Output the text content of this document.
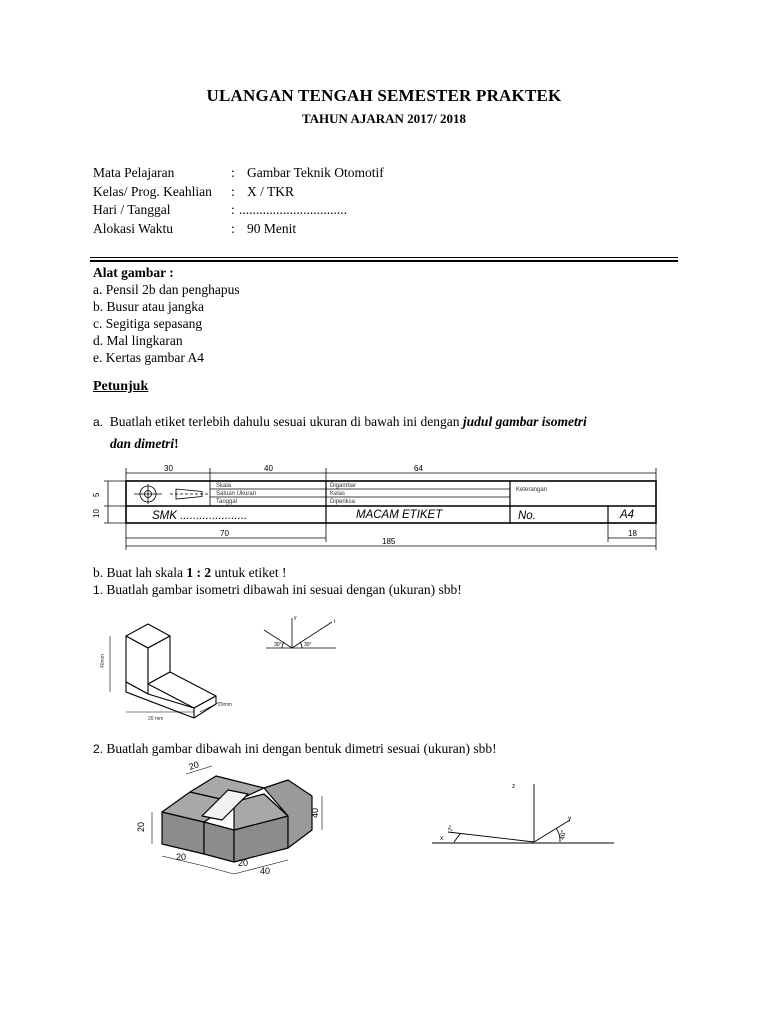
ULANGAN TENGAH SEMESTER PRAKTEK
TAHUN AJARAN 2017/ 2018
Mata Pelajaran	: Gambar Teknik Otomotif
Kelas/ Prog. Keahlian	: X / TKR
Hari / Tanggal	: ................................
Alokasi Waktu	: 90 Menit
Alat gambar :
a. Pensil 2b dan penghapus
b. Busur atau jangka
c. Segitiga sepasang
d. Mal lingkaran
e. Kertas gambar A4
Petunjuk
a. Buatlah etiket terlebih dahulu sesuai ukuran di bawah ini dengan judul gambar isometri
dan dimetri!
30	40	64
5
10
70
185
18
Skala
Satuan Ukuran
Tanggal
Digambar
Kelas
Diperiksa
Keterangan
SMK .....................	MACAM ETIKET	No.	A4
b. Buat lah skala 1 : 2 untuk etiket !
1. Buatlah gambar isometri dibawah ini sesuai dengan (ukuran) sbb!
40mm
20 mm
20mm
y
t
30°	30°
2. Buatlah gambar dibawah ini dengan bentuk dimetri sesuai (ukuran) sbb!
20
20
40
20
20
40
z
x
y
7°
40°
